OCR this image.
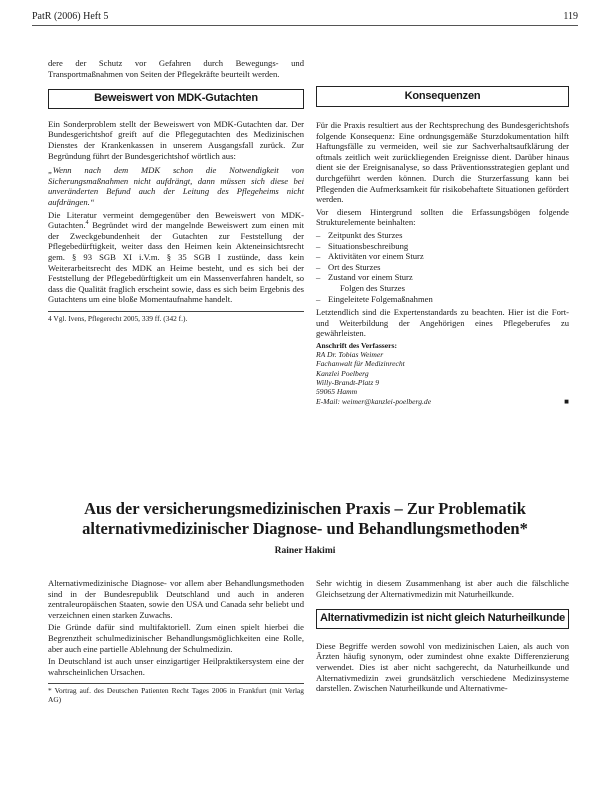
PatR (2006) Heft 5	119

dere der Schutz vor Gefahren durch Bewegungs- und Transportmaßnahmen von Seiten der Pflegekräfte beurteilt werden.

Beweiswert von MDK-Gutachten

Ein Sonderproblem stellt der Beweiswert von MDK-Gutachten dar. Der Bundesgerichtshof greift auf die Pflegegutachten des Medizinischen Dienstes der Krankenkassen in unserem Ausgangsfall zurück. Zur Begründung führt der Bundesgerichtshof wörtlich aus:

„Wenn nach dem MDK schon die Notwendigkeit von Sicherungsmaßnahmen nicht aufdrängt, dann müssen sich diese bei unveränderten Befund auch der Leitung des Pflegeheims nicht aufdrängen.“

Die Literatur vermeint demgegenüber den Beweiswert von MDK-Gutachten.$^4$ Begründet wird der mangelnde Beweiswert zum einen mit der Zweckgebundenheit der Gutachten zur Feststellung der Pflegebedürftigkeit, weiter dass den Heimen kein Akteneinsichtsrecht gem. § 93 SGB XI i.V.m. § 35 SGB I zustünde, dass kein Weiterarbeitsrecht des MDK an Heime besteht, und es sich bei der Feststellung der Pflegebedürftigkeit um ein Massenverfahren handelt, so dass die Qualität fraglich erscheint sowie, dass es sich beim Ergebnis des Gutachtens um eine bloße Momentaufnahme handelt.

4 Vgl. Ivens, Pflegerecht 2005, 339 ff. (342 f.).
Konsequenzen

Für die Praxis resultiert aus der Rechtsprechung des Bundesgerichtshofs folgende Konsequenz: Eine ordnungsgemäße Sturzdokumentation hilft Haftungsfälle zu vermeiden, weil sie zur Sachverhaltsaufklärung der oftmals zeitlich weit zurückliegenden Ereignisse dient. Darüber hinaus dient sie der Ereignisanalyse, so dass Präventionsstrategien geplant und durchgeführt werden können. Durch die Sturzerfassung kann bei Pflegenden die Aufmerksamkeit für risikobehaftete Situationen gefördert werden.

Vor diesem Hintergrund sollten die Erfassungsbögen folgende Strukturelemente beinhalten:

– Zeitpunkt des Sturzes
– Situationsbeschreibung
– Aktivitäten vor einem Sturz
– Ort des Sturzes
– Zustand vor einem Sturz
Folgen des Sturzes
– Eingeleitete Folgemaßnahmen

Letztendlich sind die Expertenstandards zu beachten. Hier ist die Fort- und Weiterbildung der Angehörigen eines Pflegeberufes zu gewährleisten.

Anschrift des Verfassers:
RA Dr. Tobias Weimer
Fachanwalt für Medizinrecht
Kanzlei Poelberg
Willy-Brandt-Platz 9
59065 Hamm
E-Mail: weimer@kanzlei-poelberg.de	■
Aus der versicherungsmedizinischen Praxis – Zur Problematik
alternativmedizinischer Diagnose- und Behandlungsmethoden*
Rainer Hakimi

Alternativmedizinische Diagnose- vor allem aber Behandlungsmethoden sind in der Bundesrepublik Deutschland und auch in anderen zentraleuropäischen Staaten, sowie den USA und Canada sehr beliebt und verzeichnen einen starken Zuwachs.

Die Gründe dafür sind multifaktoriell. Zum einen spielt hierbei die Begrenztheit schulmedizinischer Behandlungsmöglichkeiten eine Rolle, aber auch eine partielle Ablehnung der Schulmedizin.

In Deutschland ist auch unser einzigartiger Heilpraktikersystem eine der wahrscheinlichen Ursachen.

* Vortrag auf. des Deutschen Patienten Recht Tages 2006 in Frankfurt (mit Verlag AG)

Sehr wichtig in diesem Zusammenhang ist aber auch die fälschliche Gleichsetzung der Alternativmedizin mit Naturheilkunde.

Alternativmedizin ist nicht gleich Naturheilkunde

Diese Begriffe werden sowohl von medizinischen Laien, als auch von Ärzten häufig synonym, oder zumindest ohne exakte Differenzierung verwendet. Dies ist aber nicht sachgerecht, da Naturheilkunde und Alternativmedizin zwei grundsätzlich verschiedene Medizinsysteme darstellen. Zwischen Naturheilkunde und Alternativme-
